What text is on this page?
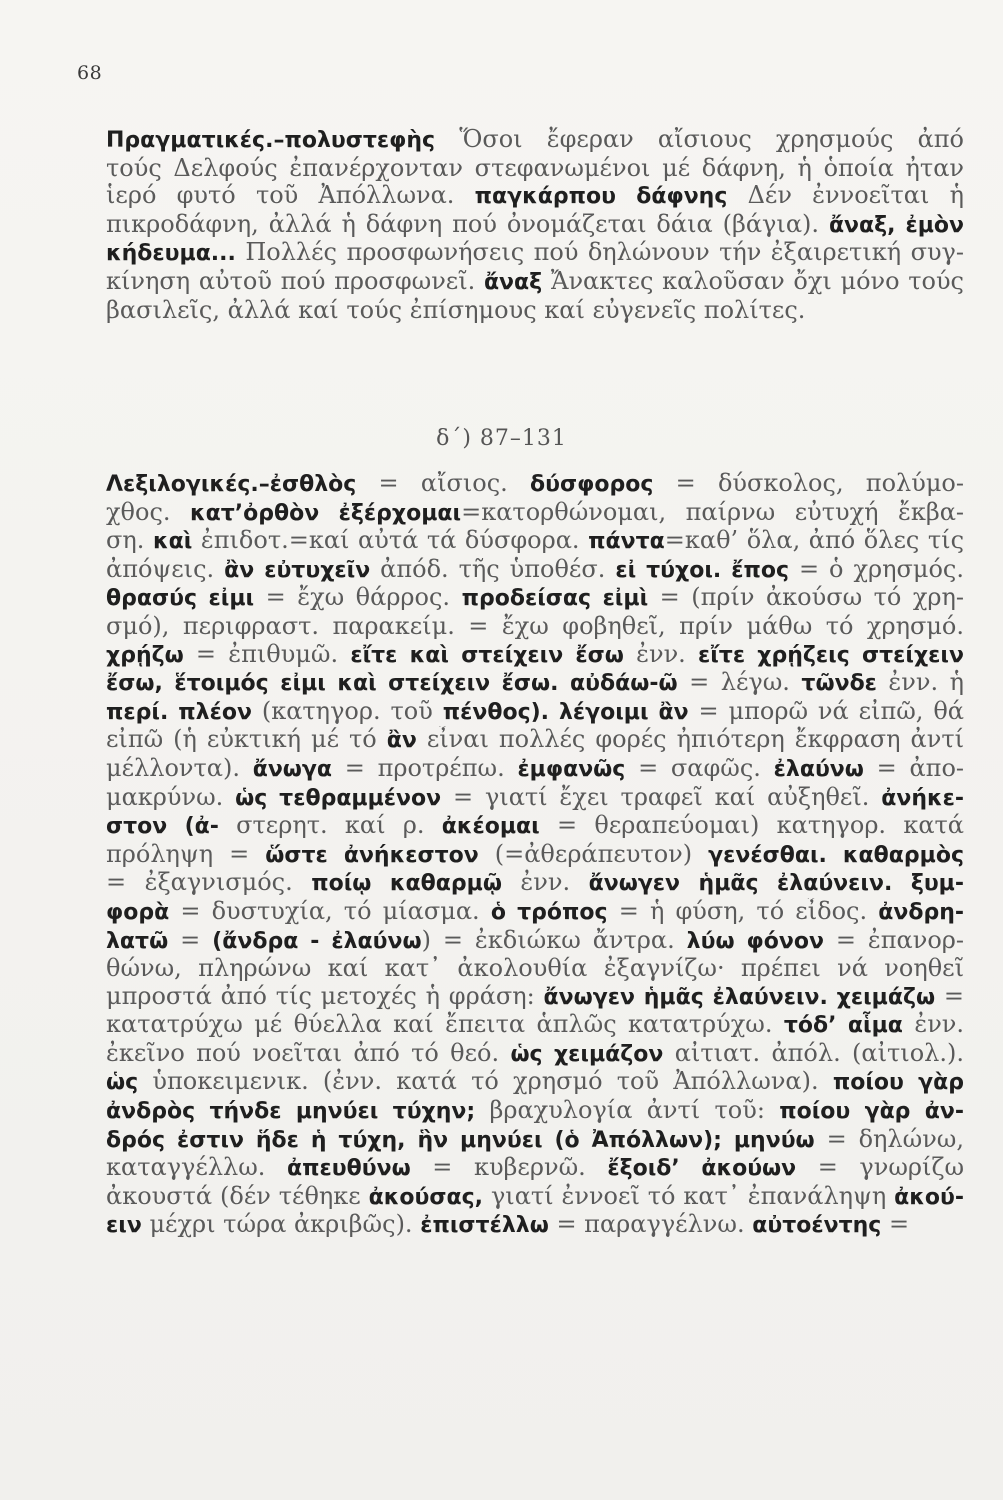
68
Πραγματικές.–πολυστεφὴς Ὅσοι ἔφεραν αἴσιους χρησμούς ἀπό
τούς Δελφούς ἐπανέρχονταν στεφανωμένοι μέ δάφνη, ἡ ὁποία ἦταν
ἱερό φυτό τοῦ Ἀπόλλωνα. παγκάρπου δάφνης Δέν ἐννοεῖται ἡ
πικροδάφνη, ἀλλά ἡ δάφνη πού ὀνομάζεται δάια (βάγια). ἄναξ, ἐμὸν
κήδευμα... Πολλές προσφωνήσεις πού δηλώνουν τήν ἐξαιρετική συγ-
κίνηση αὐτοῦ πού προσφωνεῖ. ἄναξ Ἄνακτες καλοῦσαν ὄχι μόνο τούς
βασιλεῖς, ἀλλά καί τούς ἐπίσημους καί εὐγενεῖς πολίτες.
δ΄) 87–131
Λεξιλογικές.–ἐσθλὸς = αἴσιος. δύσφορος = δύσκολος, πολύμο-
χθος. κατ’ὀρθὸν ἐξέρχομαι=κατορθώνομαι, παίρνω εὐτυχή ἔκβα-
ση. καὶ ἐπιδοτ.=καί αὐτά τά δύσφορα. πάντα=καθ’ ὅλα, ἀπό ὅλες τίς
ἀπόψεις. ἂν εὐτυχεῖν ἀπόδ. τῆς ὑποθέσ. εἰ τύχοι. ἔπος = ὁ χρησμός.
θρασύς εἰμι = ἔχω θάρρος. προδείσας εἰμὶ = (πρίν ἀκούσω τό χρη-
σμό), περιφραστ. παρακείμ. = ἔχω φοβηθεῖ, πρίν μάθω τό χρησμό.
χρῄζω = ἐπιθυμῶ. εἴτε καὶ στείχειν ἔσω ἐνν. εἴτε χρῄζεις στείχειν
ἔσω, ἕτοιμός εἰμι καὶ στείχειν ἔσω. αὐδάω-ῶ = λέγω. τῶνδε ἐνν. ἡ
περί. πλέον (κατηγορ. τοῦ πένθος). λέγοιμι ἂν = μπορῶ νά εἰπῶ, θά
εἰπῶ (ἡ εὐκτική μέ τό ἂν εἶναι πολλές φορές ἠπιότερη ἔκφραση ἀντί
μέλλοντα). ἄνωγα = προτρέπω. ἐμφανῶς = σαφῶς. ἐλαύνω = ἀπο-
μακρύνω. ὡς τεθραμμένον = γιατί ἔχει τραφεῖ καί αὐξηθεῖ. ἀνήκε-
στον (ἀ- στερητ. καί ρ. ἀκέομαι = θεραπεύομαι) κατηγορ. κατά
πρόληψη = ὥστε ἀνήκεστον (=ἀθεράπευτον) γενέσθαι. καθαρμὸς
= ἐξαγνισμός. ποίῳ καθαρμῷ ἐνν. ἄνωγεν ἡμᾶς ἐλαύνειν. ξυμ-
φορὰ = δυστυχία, τό μίασμα. ὁ τρόπος = ἡ φύση, τό εἶδος. ἀνδρη-
λατῶ = (ἄνδρα - ἐλαύνω) = ἐκδιώκω ἄντρα. λύω φόνον = ἐπανορ-
θώνω, πληρώνω καί κατ᾽ ἀκολουθία ἐξαγνίζω· πρέπει νά νοηθεῖ
μπροστά ἀπό τίς μετοχές ἡ φράση: ἄνωγεν ἡμᾶς ἐλαύνειν. χειμάζω =
κατατρύχω μέ θύελλα καί ἔπειτα ἁπλῶς κατατρύχω. τόδ’ αἷμα ἐνν.
ἐκεῖνο πού νοεῖται ἀπό τό θεό. ὡς χειμάζον αἰτιατ. ἀπόλ. (αἰτιολ.).
ὡς ὑποκειμενικ. (ἐνν. κατά τό χρησμό τοῦ Ἀπόλλωνα). ποίου γὰρ
ἀνδρὸς τήνδε μηνύει τύχην; βραχυλογία ἀντί τοῦ: ποίου γὰρ ἀν-
δρός ἐστιν ἥδε ἡ τύχη, ἣν μηνύει (ὁ Ἀπόλλων); μηνύω = δηλώνω,
καταγγέλλω. ἀπευθύνω = κυβερνῶ. ἔξοιδ’ ἀκούων = γνωρίζω
ἀκουστά (δέν τέθηκε ἀκούσας, γιατί ἐννοεῖ τό κατ᾽ ἐπανάληψη ἀκού-
ειν μέχρι τώρα ἀκριβῶς). ἐπιστέλλω = παραγγέλνω. αὐτοέντης =
